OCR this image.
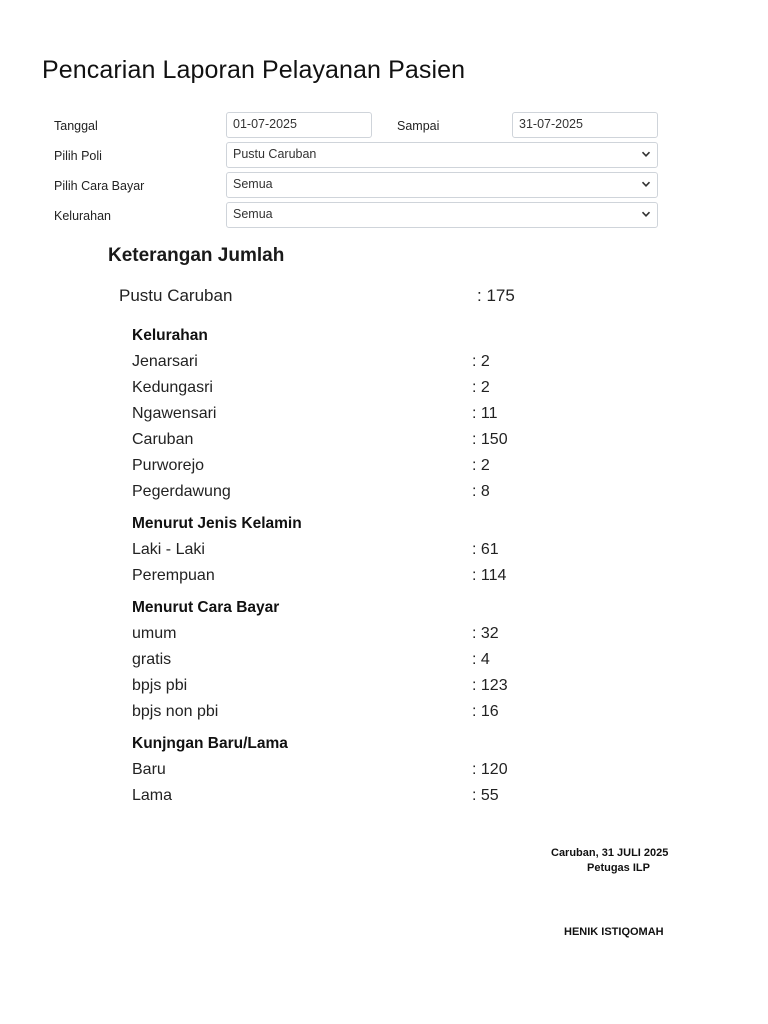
Pencarian Laporan Pelayanan Pasien
Tanggal	01-07-2025	Sampai	31-07-2025
Pilih Poli	Pustu Caruban
Pilih Cara Bayar	Semua
Kelurahan	Semua
Keterangan Jumlah
Pustu Caruban	: 175
Kelurahan
Jenarsari	: 2
Kedungasri	: 2
Ngawensari	: 11
Caruban	: 150
Purworejo	: 2
Pegerdawung	: 8
Menurut Jenis Kelamin
Laki - Laki	: 61
Perempuan	: 114
Menurut Cara Bayar
umum	: 32
gratis	: 4
bpjs pbi	: 123
bpjs non pbi	: 16
Kunjngan Baru/Lama
Baru	: 120
Lama	: 55
Caruban, 31 JULI 2025
Petugas ILP
HENIK ISTIQOMAH
